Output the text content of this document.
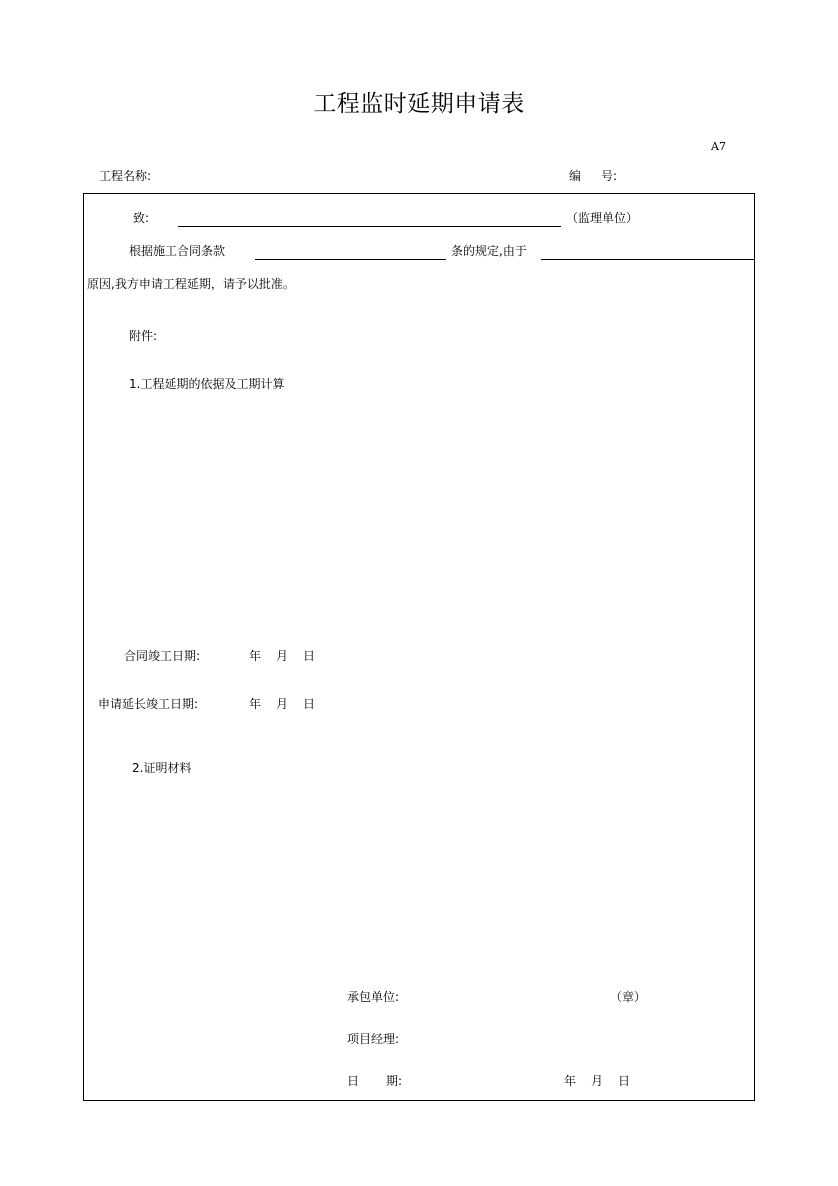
工程监时延期申请表
A7
工程名称:	编 号:
致:	（监理单位）
根据施工合同条款	条的规定,由于
原因,我方申请工程延期，请予以批准。
附件:
1.工程延期的依据及工期计算
合同竣工日期:	年 月 日
申请延长竣工日期:	年 月 日
2.证明材料
承包单位:	（章）
项目经理:
日 期:	年 月 日
